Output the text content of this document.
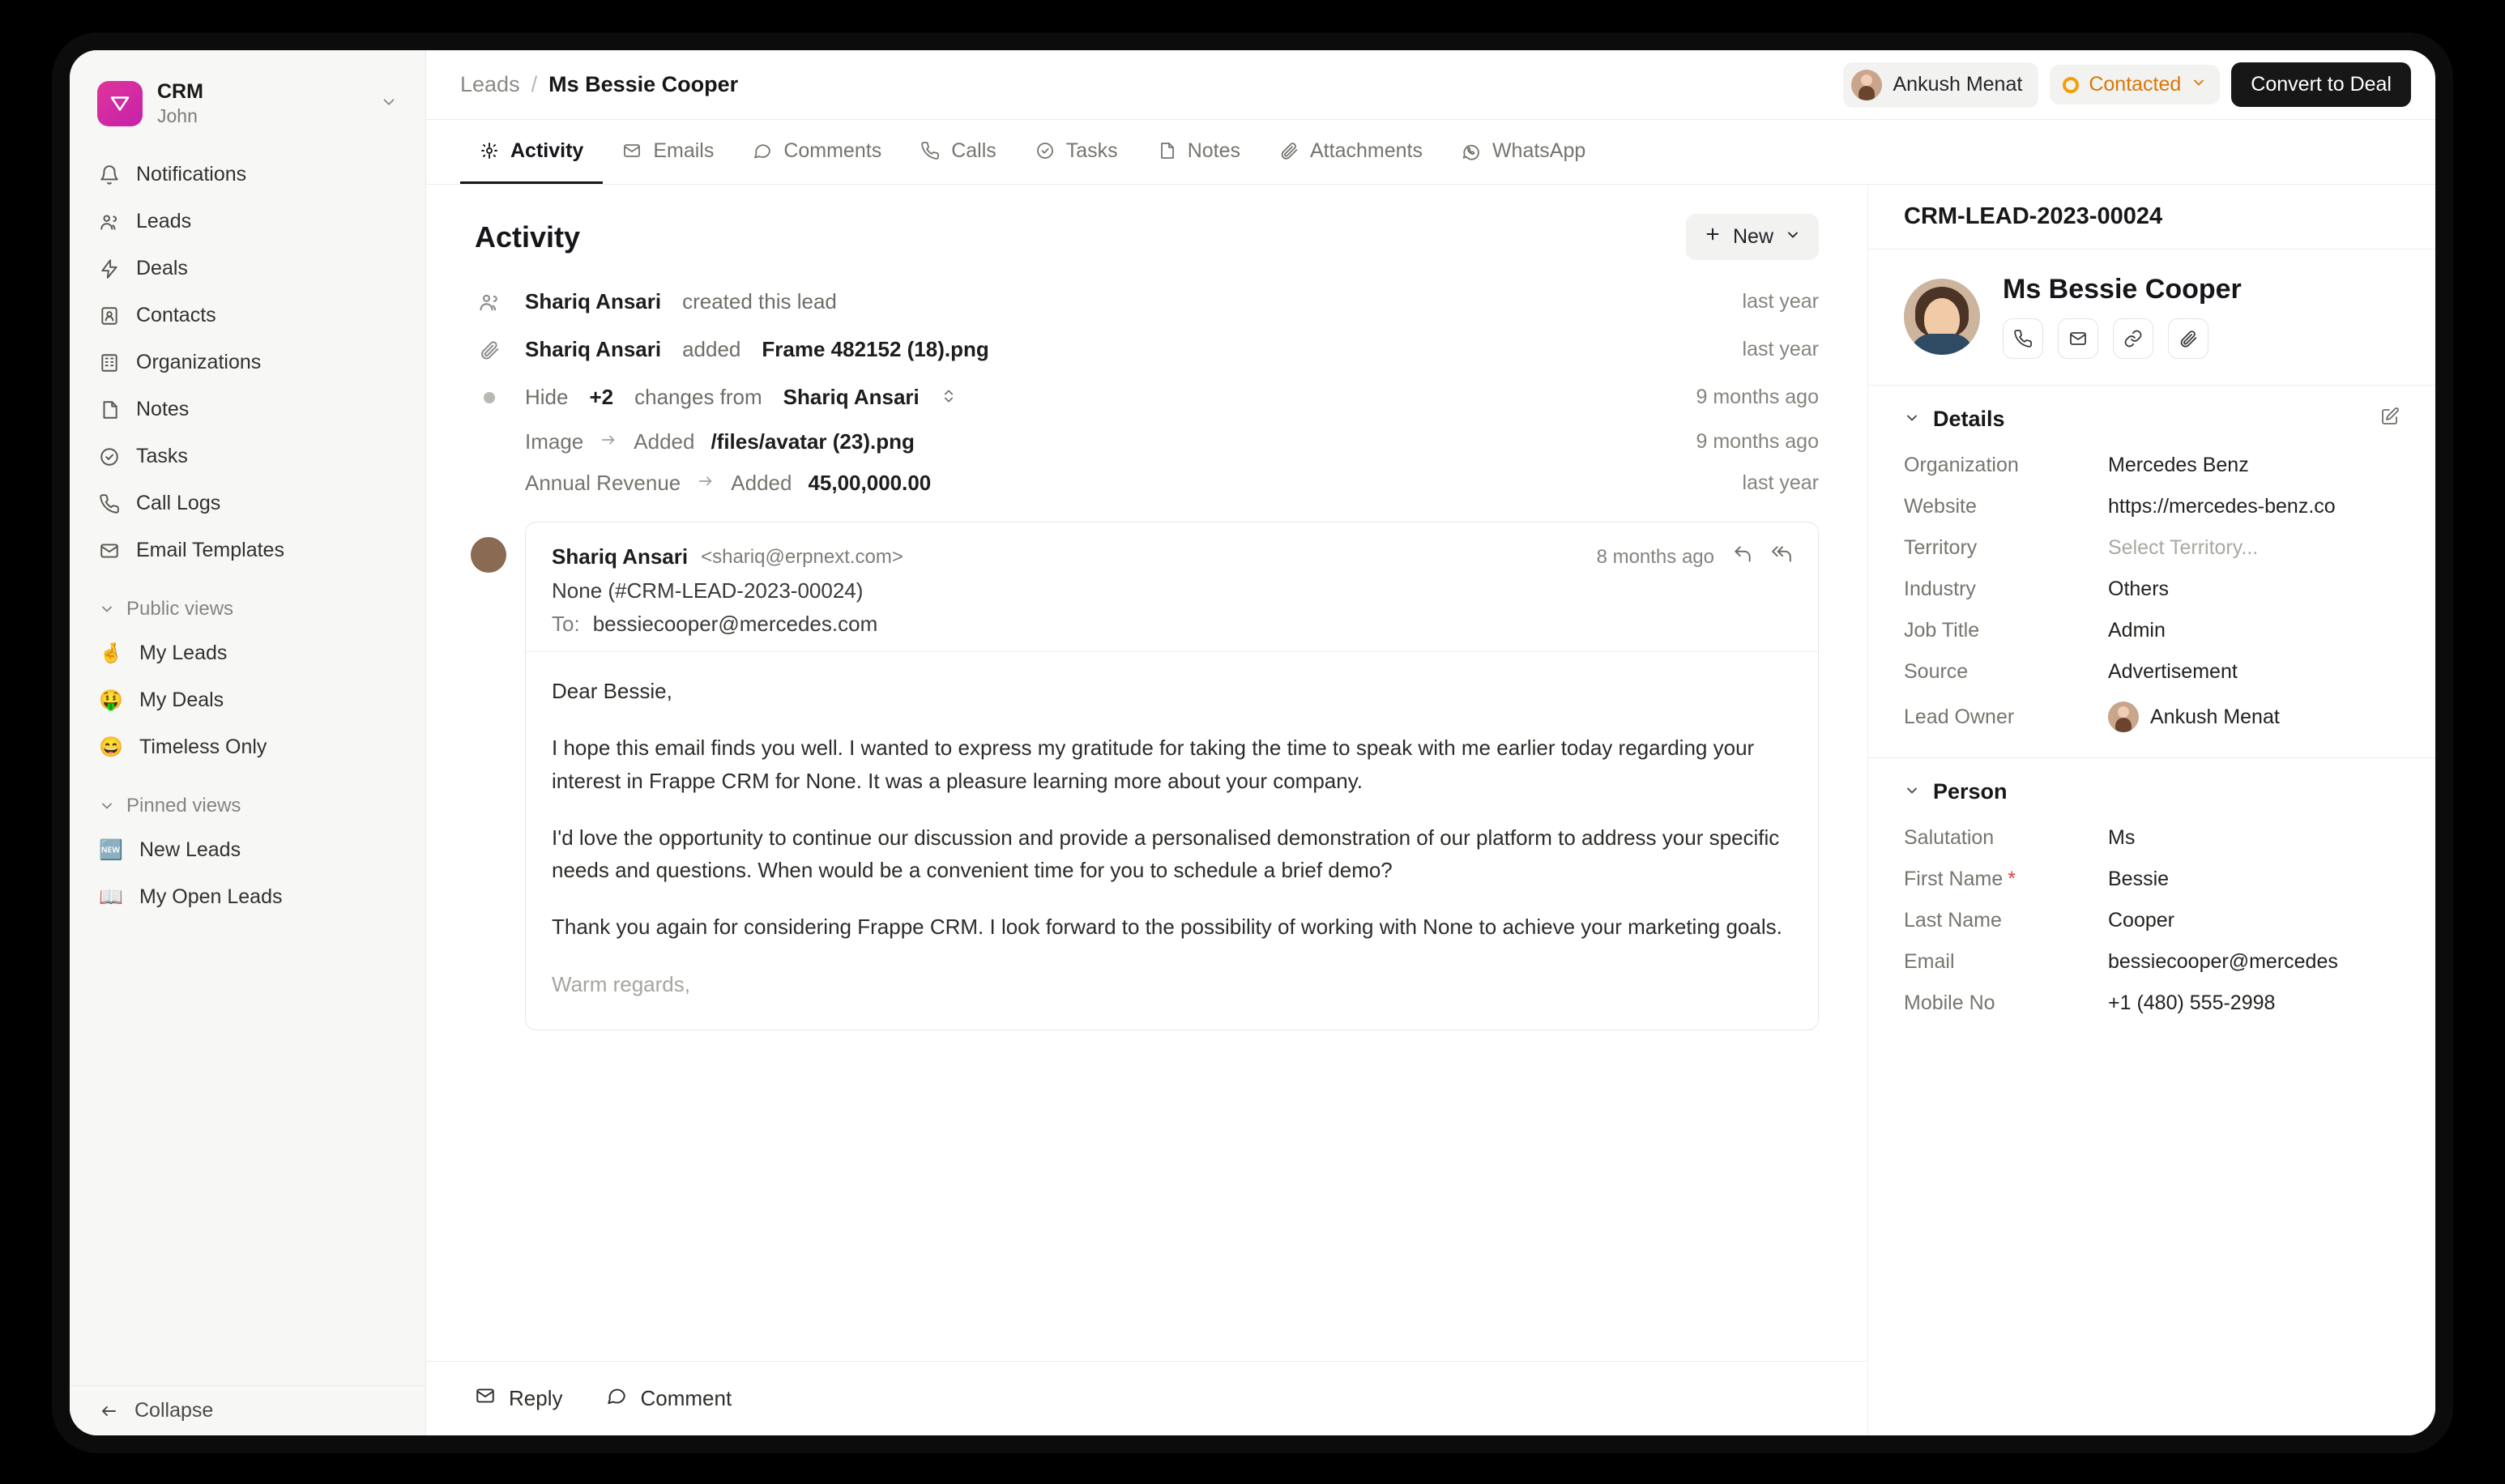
CRM
John
Notifications
Leads
Deals
Contacts
Organizations
Notes
Tasks
Call Logs
Email Templates
Public views
🤞 My Leads
🤑 My Deals
😄 Timeless Only
Pinned views
🆕 New Leads
📖 My Open Leads
Collapse
Leads / Ms Bessie Cooper	Ankush Menat	Contacted	Convert to Deal
Activity	Emails	Comments	Calls	Tasks	Notes	Attachments	WhatsApp
Activity	New
Shariq Ansari created this lead	last year
Shariq Ansari added Frame 482152 (18).png	last year
Hide +2 changes from Shariq Ansari	9 months ago
Image Added /files/avatar (23).png	9 months ago
Annual Revenue Added 45,00,000.00	last year
Shariq Ansari <shariq@erpnext.com>	8 months ago
None (#CRM-LEAD-2023-00024)
To: bessiecooper@mercedes.com

Dear Bessie,

I hope this email finds you well. I wanted to express my gratitude for taking the time to speak with me earlier today regarding your interest in Frappe CRM for None. It was a pleasure learning more about your company.

I'd love the opportunity to continue our discussion and provide a personalised demonstration of our platform to address your specific needs and questions. When would be a convenient time for you to schedule a brief demo?

Thank you again for considering Frappe CRM. I look forward to the possibility of working with None to achieve your marketing goals.

Warm regards,

Reply	Comment
CRM-LEAD-2023-00024
Ms Bessie Cooper
Details
Organization	Mercedes Benz
Website	https://mercedes-benz.co
Territory	Select Territory...
Industry	Others
Job Title	Admin
Source	Advertisement
Lead Owner	Ankush Menat
Person
Salutation	Ms
First Name *	Bessie
Last Name	Cooper
Email	bessiecooper@mercedes
Mobile No	+1 (480) 555-2998
